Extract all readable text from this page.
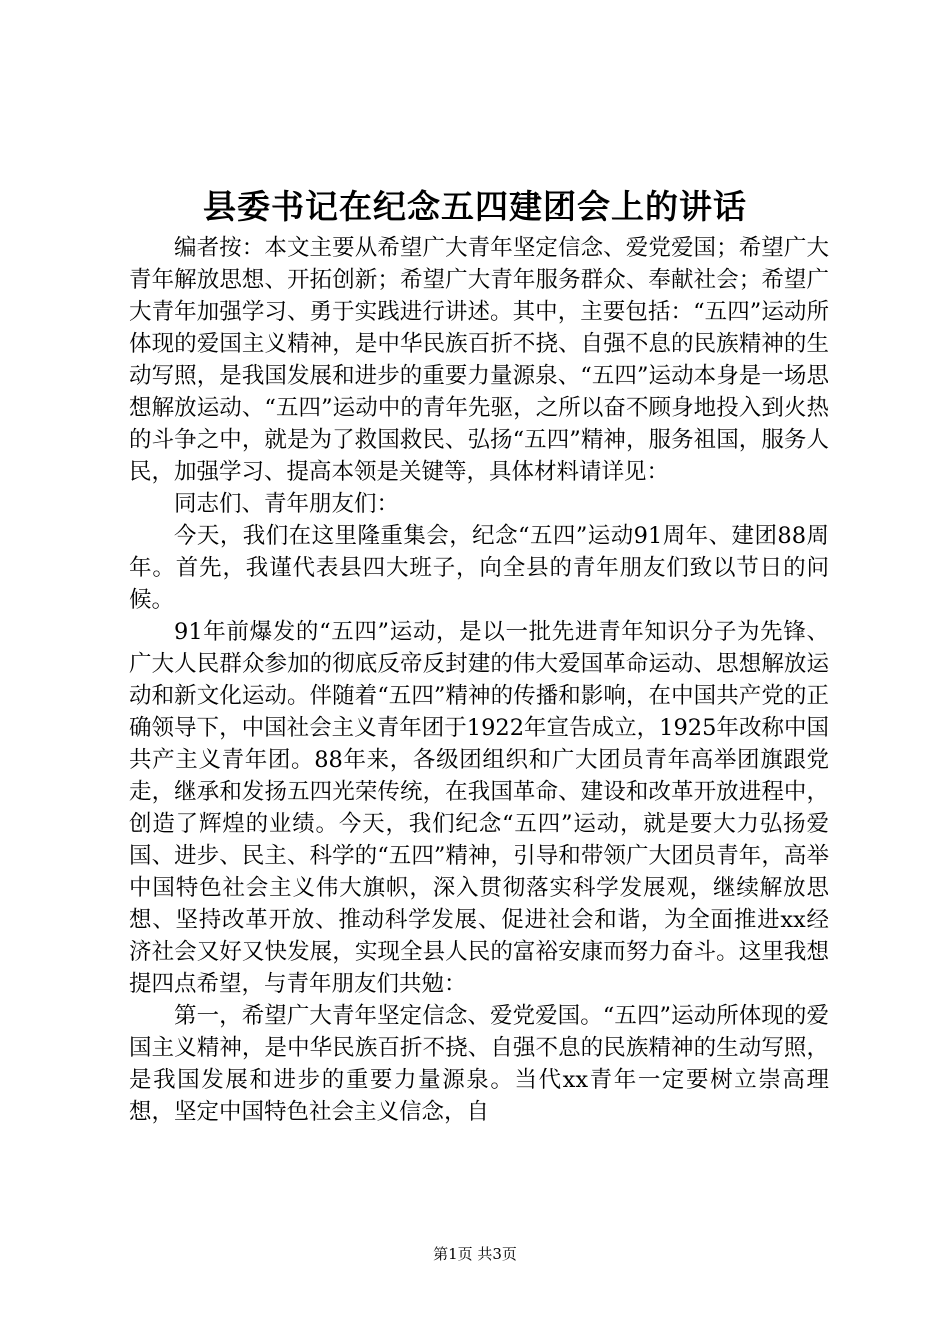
县委书记在纪念五四建团会上的讲话

编者按：本文主要从希望广大青年坚定信念、爱党爱国；希望广大青年解放思想、开拓创新；希望广大青年服务群众、奉献社会；希望广大青年加强学习、勇于实践进行讲述。其中，主要包括：“五四”运动所体现的爱国主义精神，是中华民族百折不挠、自强不息的民族精神的生动写照，是我国发展和进步的重要力量源泉、“五四”运动本身是一场思想解放运动、“五四”运动中的青年先驱，之所以奋不顾身地投入到火热的斗争之中，就是为了救国救民、弘扬“五四”精神，服务祖国，服务人民，加强学习、提高本领是关键等，具体材料请详见：

同志们、青年朋友们：

今天，我们在这里隆重集会，纪念“五四”运动91周年、建团88周年。首先，我谨代表县四大班子，向全县的青年朋友们致以节日的问候。

91年前爆发的“五四”运动，是以一批先进青年知识分子为先锋、广大人民群众参加的彻底反帝反封建的伟大爱国革命运动、思想解放运动和新文化运动。伴随着“五四”精神的传播和影响，在中国共产党的正确领导下，中国社会主义青年团于1922年宣告成立，1925年改称中国共产主义青年团。88年来，各级团组织和广大团员青年高举团旗跟党走，继承和发扬五四光荣传统，在我国革命、建设和改革开放进程中，创造了辉煌的业绩。今天，我们纪念“五四”运动，就是要大力弘扬爱国、进步、民主、科学的“五四”精神，引导和带领广大团员青年，高举中国特色社会主义伟大旗帜，深入贯彻落实科学发展观，继续解放思想、坚持改革开放、推动科学发展、促进社会和谐，为全面推进xx经济社会又好又快发展，实现全县人民的富裕安康而努力奋斗。这里我想提四点希望，与青年朋友们共勉：

第一，希望广大青年坚定信念、爱党爱国。“五四”运动所体现的爱国主义精神，是中华民族百折不挠、自强不息的民族精神的生动写照，是我国发展和进步的重要力量源泉。当代xx青年一定要树立崇高理想，坚定中国特色社会主义信念，自

第1页 共3页
